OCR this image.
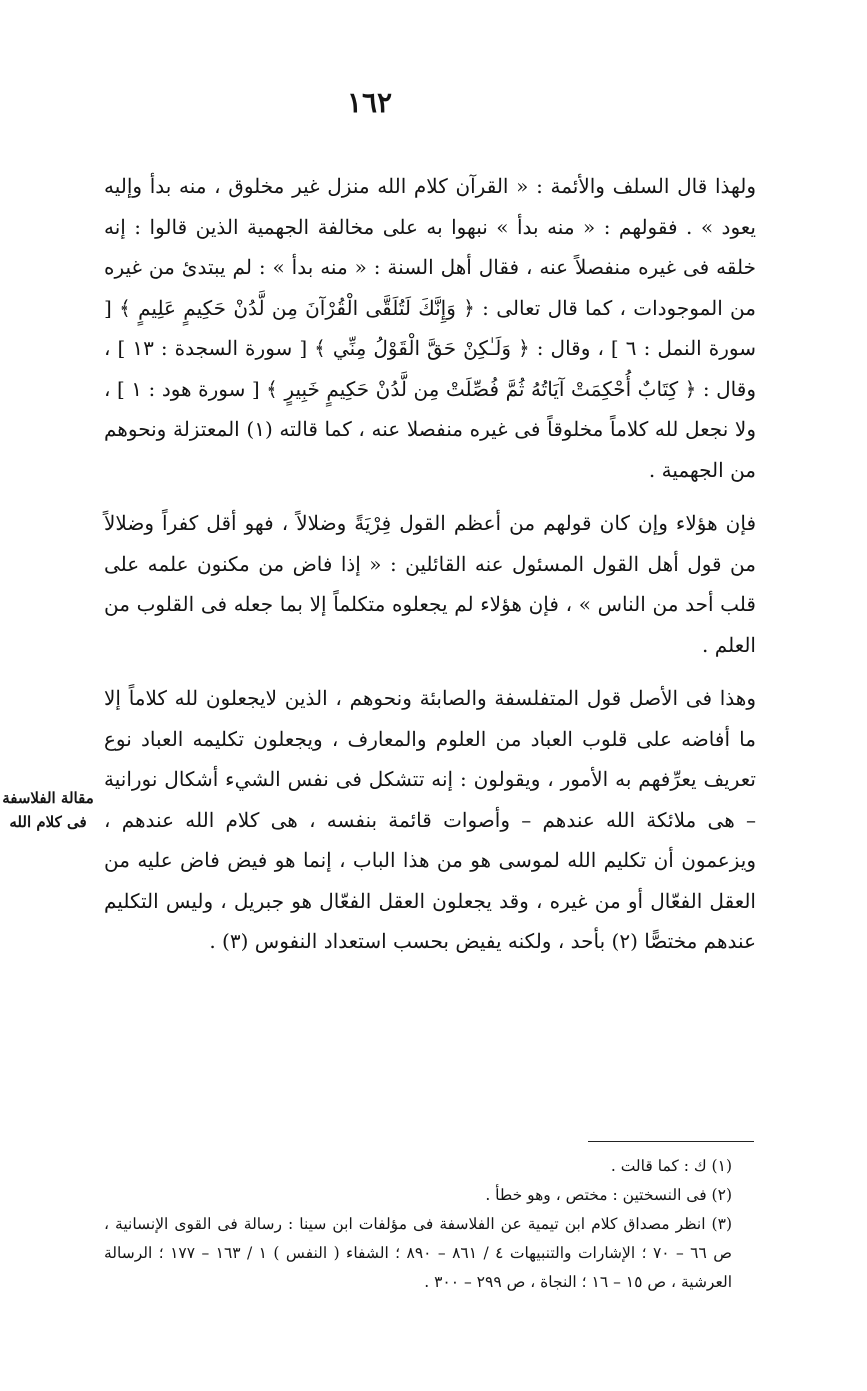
١٦٢
مقالة الفلاسفة
فى كلام الله

ولهذا قال السلف والأئمة : « القرآن كلام الله منزل غير مخلوق ، منه بدأ وإليه يعود » . فقولهم : « منه بدأ » نبهوا به على مخالفة الجهمية الذين قالوا : إنه خلقه فى غيره منفصلاً عنه ، فقال أهل السنة : « منه بدأ » : لم يبتدئ من غيره من الموجودات ، كما قال تعالى : ﴿ وَإِنَّكَ لَتُلَقَّى الْقُرْآنَ مِن لَّدُنْ حَكِيمٍ عَلِيمٍ ﴾ [ سورة النمل : ٦ ] ، وقال : ﴿ وَلَـٰكِنْ حَقَّ الْقَوْلُ مِنِّي ﴾ [ سورة السجدة : ١٣ ] ، وقال : ﴿ كِتَابٌ أُحْكِمَتْ آيَاتُهُ ثُمَّ فُصِّلَتْ مِن لَّدُنْ حَكِيمٍ خَبِيرٍ ﴾ [ سورة هود : ١ ] ، ولا نجعل لله كلاماً مخلوقاً فى غيره منفصلا عنه ، كما قالته (١) المعتزلة ونحوهم من الجهمية .

فإن هؤلاء وإن كان قولهم من أعظم القول فِرْيَةً وضلالاً ، فهو أقل كفراً وضلالاً من قول أهل القول المسئول عنه القائلين : « إذا فاض من مكنون علمه على قلب أحد من الناس » ، فإن هؤلاء لم يجعلوه متكلماً إلا بما جعله فى القلوب من العلم .

وهذا فى الأصل قول المتفلسفة والصابئة ونحوهم ، الذين لايجعلون لله كلاماً إلا ما أفاضه على قلوب العباد من العلوم والمعارف ، ويجعلون تكليمه العباد نوع تعريف يعرِّفهم به الأمور ، ويقولون : إنه تتشكل فى نفس الشيء أشكال نورانية – هى ملائكة الله عندهم – وأصوات قائمة بنفسه ، هى كلام الله عندهم ، ويزعمون أن تكليم الله لموسى هو من هذا الباب ، إنما هو فيض فاض عليه من العقل الفعّال أو من غيره ، وقد يجعلون العقل الفعّال هو جبريل ، وليس التكليم عندهم مختصًّا (٢) بأحد ، ولكنه يفيض بحسب استعداد النفوس (٣) .

(١) ك : كما قالت .

(٢) فى النسختين : مختص ، وهو خطأ .

(٣) انظر مصداق كلام ابن تيمية عن الفلاسفة فى مؤلفات ابن سينا : رسالة فى القوى الإنسانية ، ص ٦٦ – ٧٠ ؛ الإشارات والتنبيهات ٤ / ٨٦١ – ٨٩٠ ؛ الشفاء ( النفس ) ١ / ١٦٣ – ١٧٧ ؛ الرسالة العرشية ، ص ١٥ – ١٦ ؛ النجاة ، ص ٢٩٩ – ٣٠٠ .
